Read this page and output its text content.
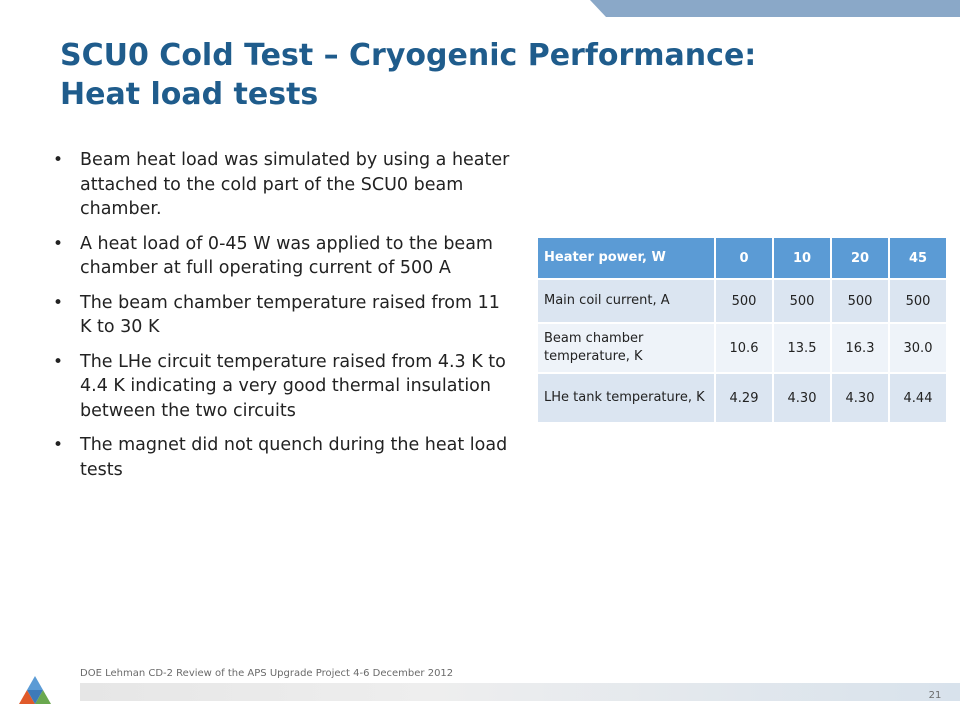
SCU0 Cold Test – Cryogenic Performance:
Heat load tests
• Beam heat load was simulated by using a heater attached to the cold part of the SCU0 beam chamber.
• A heat load of 0-45 W was applied to the beam chamber at full operating current of 500 A
• The beam chamber temperature raised from 11 K to 30 K
• The LHe circuit temperature raised from 4.3 K to 4.4 K indicating a very good thermal insulation between the two circuits
• The magnet did not quench during the heat load tests
Heater power, W	0	10	20	45
Main coil current, A	500	500	500	500
Beam chamber temperature, K	10.6	13.5	16.3	30.0
LHe tank temperature, K	4.29	4.30	4.30	4.44
DOE Lehman CD-2 Review of the APS Upgrade Project 4-6 December 2012
21
